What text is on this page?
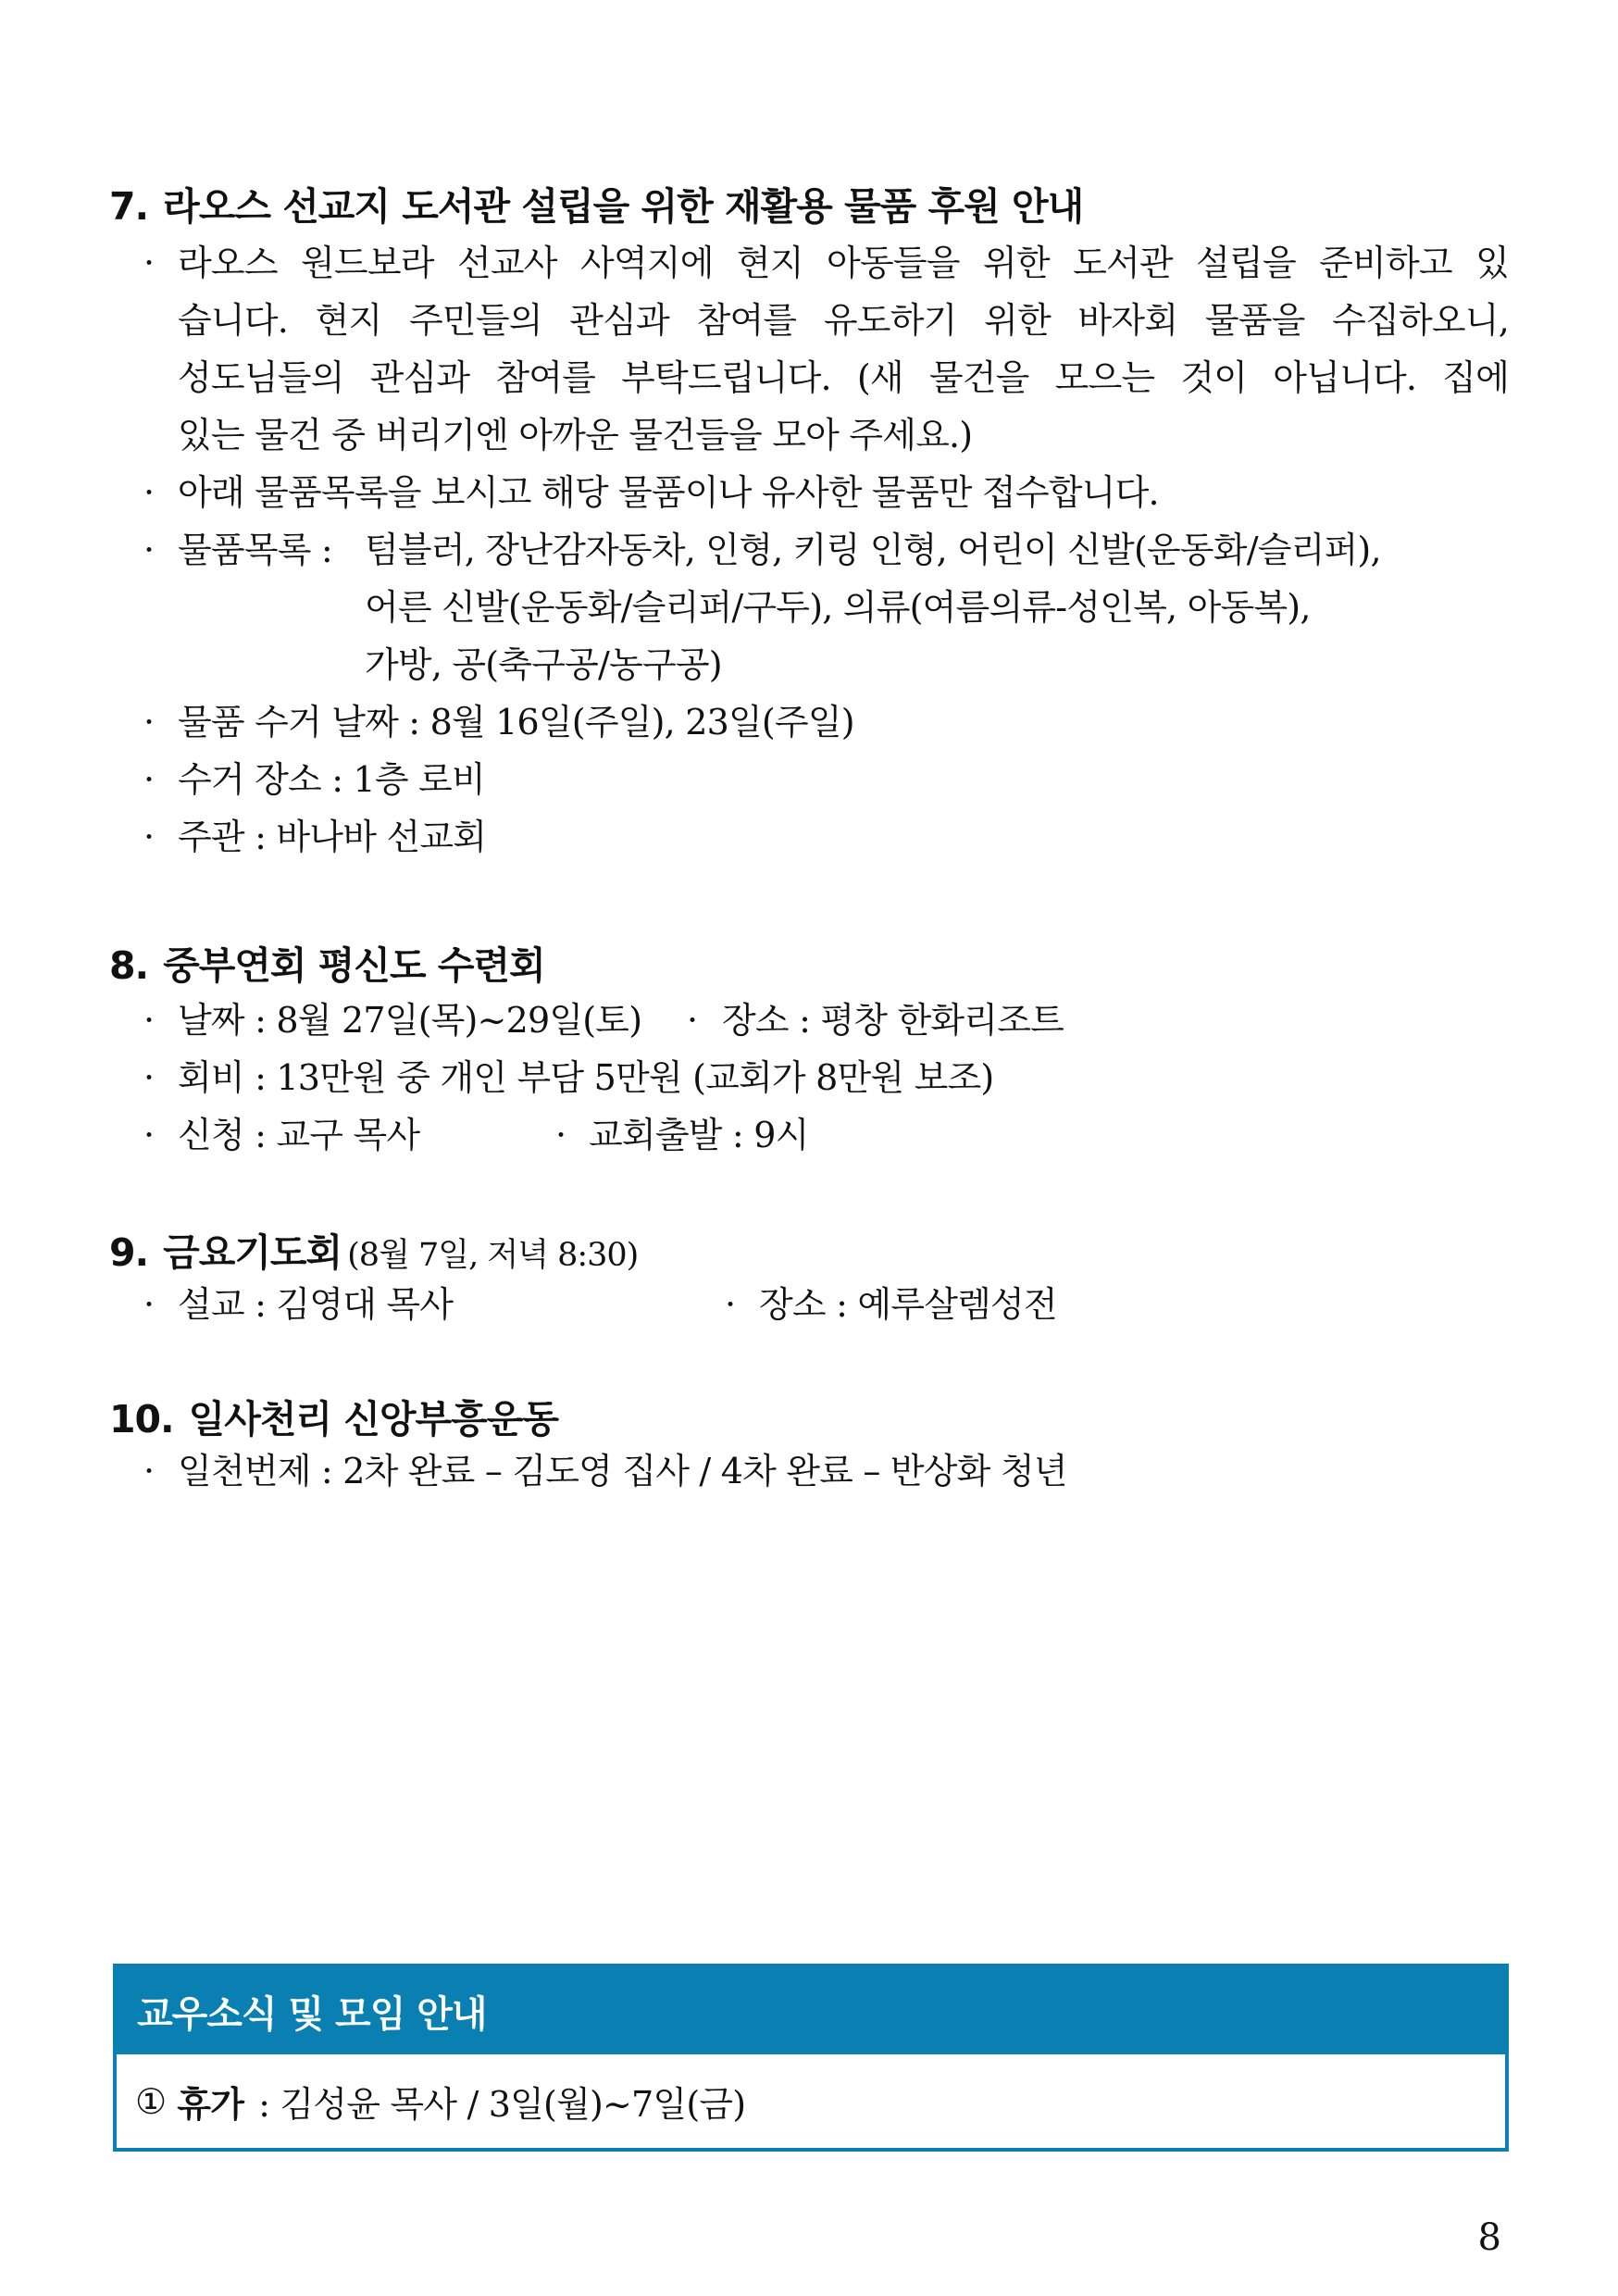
7. 라오스 선교지 도서관 설립을 위한 재활용 물품 후원 안내
· 라오스 원드보라 선교사 사역지에 현지 아동들을 위한 도서관 설립을 준비하고 있
습니다. 현지 주민들의 관심과 참여를 유도하기 위한 바자회 물품을 수집하오니,
성도님들의 관심과 참여를 부탁드립니다. (새 물건을 모으는 것이 아닙니다. 집에
있는 물건 중 버리기엔 아까운 물건들을 모아 주세요.)
· 아래 물품목록을 보시고 해당 물품이나 유사한 물품만 접수합니다.
· 물품목록 : 텀블러, 장난감자동차, 인형, 키링 인형, 어린이 신발(운동화/슬리퍼),
어른 신발(운동화/슬리퍼/구두), 의류(여름의류-성인복, 아동복),
가방, 공(축구공/농구공)
· 물품 수거 날짜 : 8월 16일(주일), 23일(주일)
· 수거 장소 : 1층 로비
· 주관 : 바나바 선교회
8. 중부연회 평신도 수련회
· 날짜 : 8월 27일(목)~29일(토) · 장소 : 평창 한화리조트
· 회비 : 13만원 중 개인 부담 5만원 (교회가 8만원 보조)
· 신청 : 교구 목사	· 교회출발 : 9시
9. 금요기도회 (8월 7일, 저녁 8:30)
· 설교 : 김영대 목사	· 장소 : 예루살렘성전
10. 일사천리 신앙부흥운동
· 일천번제 : 2차 완료 – 김도영 집사 / 4차 완료 – 반상화 청년
교우소식 및 모임 안내
① 휴가 : 김성윤 목사 / 3일(월)~7일(금)
8
